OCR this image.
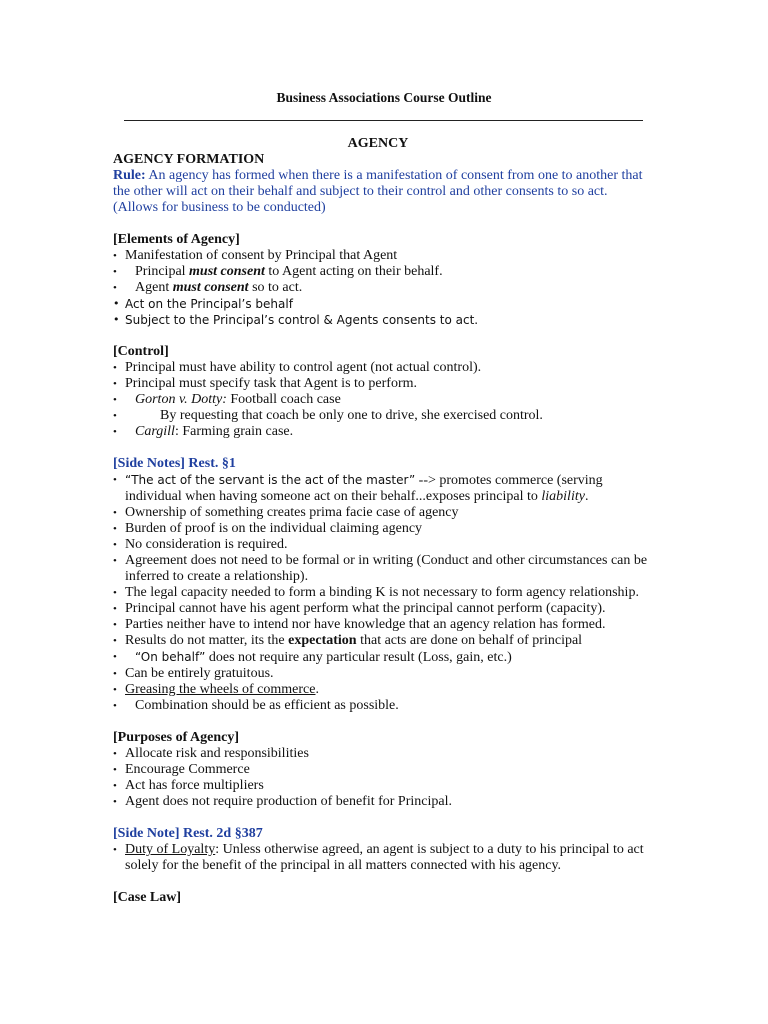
Business Associations Course Outline
AGENCY
AGENCY FORMATION
Rule: An agency has formed when there is a manifestation of consent from one to another that the other will act on their behalf and subject to their control and other consents to so act. (Allows for business to be conducted)
[Elements of Agency]
• Manifestation of consent by Principal that Agent
• Principal must consent to Agent acting on their behalf.
• Agent must consent so to act.
• Act on the Principal’s behalf
• Subject to the Principal’s control & Agents consents to act.
[Control]
• Principal must have ability to control agent (not actual control).
• Principal must specify task that Agent is to perform.
• Gorton v. Dotty: Football coach case
• By requesting that coach be only one to drive, she exercised control.
• Cargill: Farming grain case.
[Side Notes] Rest. §1
• “The act of the servant is the act of the master” --> promotes commerce (serving individual when having someone act on their behalf...exposes principal to liability.
• Ownership of something creates prima facie case of agency
• Burden of proof is on the individual claiming agency
• No consideration is required.
• Agreement does not need to be formal or in writing (Conduct and other circumstances can be inferred to create a relationship).
• The legal capacity needed to form a binding K is not necessary to form agency relationship.
• Principal cannot have his agent perform what the principal cannot perform (capacity).
• Parties neither have to intend nor have knowledge that an agency relation has formed.
• Results do not matter, its the expectation that acts are done on behalf of principal
• “On behalf” does not require any particular result (Loss, gain, etc.)
• Can be entirely gratuitous.
• Greasing the wheels of commerce.
• Combination should be as efficient as possible.
[Purposes of Agency]
• Allocate risk and responsibilities
• Encourage Commerce
• Act has force multipliers
• Agent does not require production of benefit for Principal.
[Side Note] Rest. 2d §387
• Duty of Loyalty: Unless otherwise agreed, an agent is subject to a duty to his principal to act solely for the benefit of the principal in all matters connected with his agency.
[Case Law]
